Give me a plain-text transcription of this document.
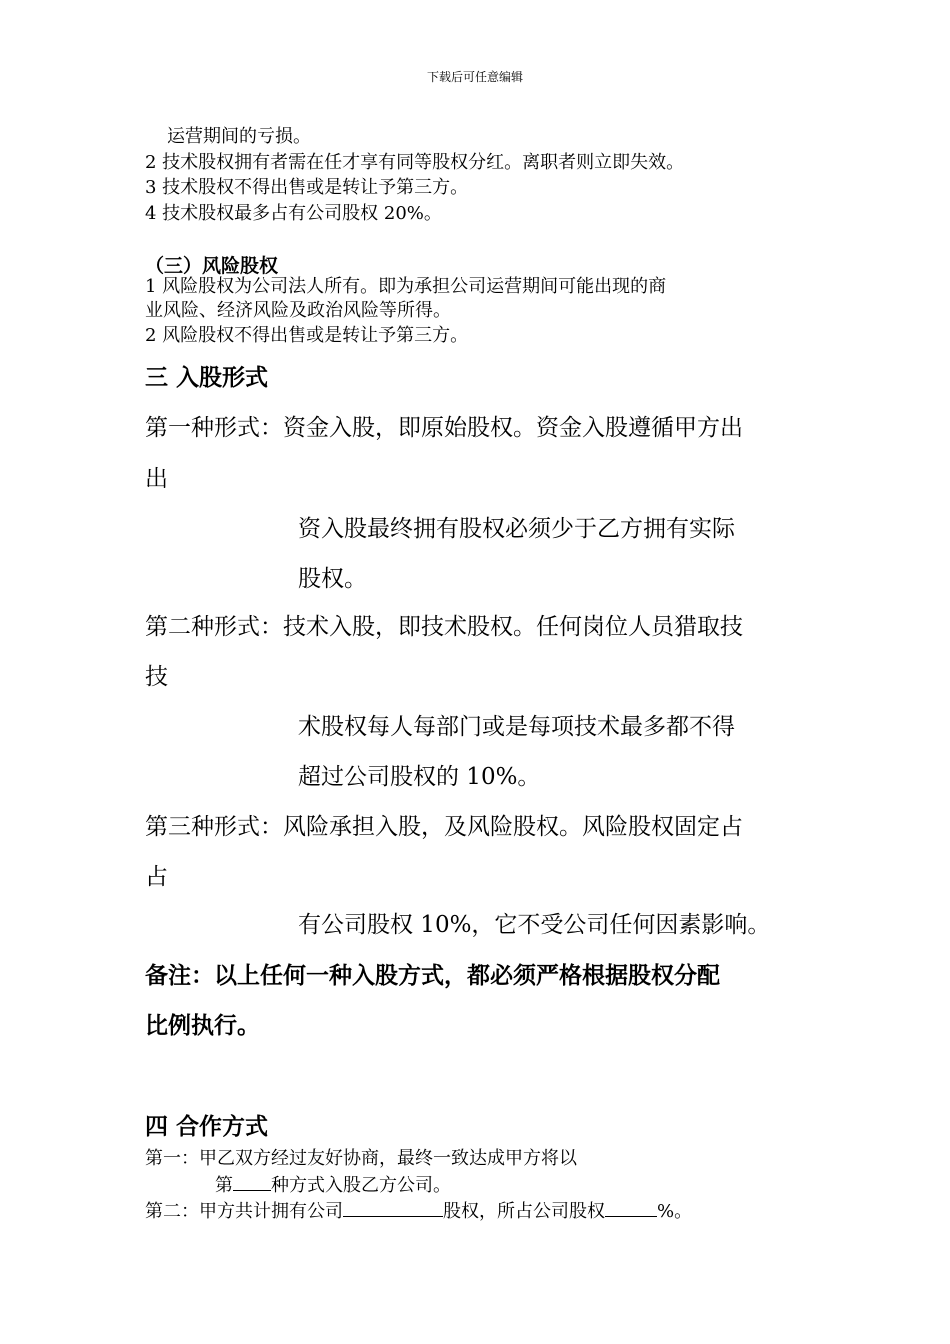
下载后可任意编辑
运营期间的亏损。
2 技术股权拥有者需在任才享有同等股权分红。离职者则立即失效。
3 技术股权不得出售或是转让予第三方。
4 技术股权最多占有公司股权 20%。
（三）风险股权
1 风险股权为公司法人所有。即为承担公司运营期间可能出现的商
业风险、经济风险及政治风险等所得。
2 风险股权不得出售或是转让予第三方。
三 入股形式
第一种形式：资金入股，即原始股权。资金入股遵循甲方出
出
资入股最终拥有股权必须少于乙方拥有实际
股权。
第二种形式：技术入股，即技术股权。任何岗位人员猎取技
技
术股权每人每部门或是每项技术最多都不得
超过公司股权的 10%。
第三种形式：风险承担入股，及风险股权。风险股权固定占
占
有公司股权 10%，它不受公司任何因素影响。
备注：以上任何一种入股方式，都必须严格根据股权分配
比例执行。
四 合作方式
第一：甲乙双方经过友好协商，最终一致达成甲方将以
第 种方式入股乙方公司。
第二：甲方共计拥有公司	股权，所占公司股权	%。
